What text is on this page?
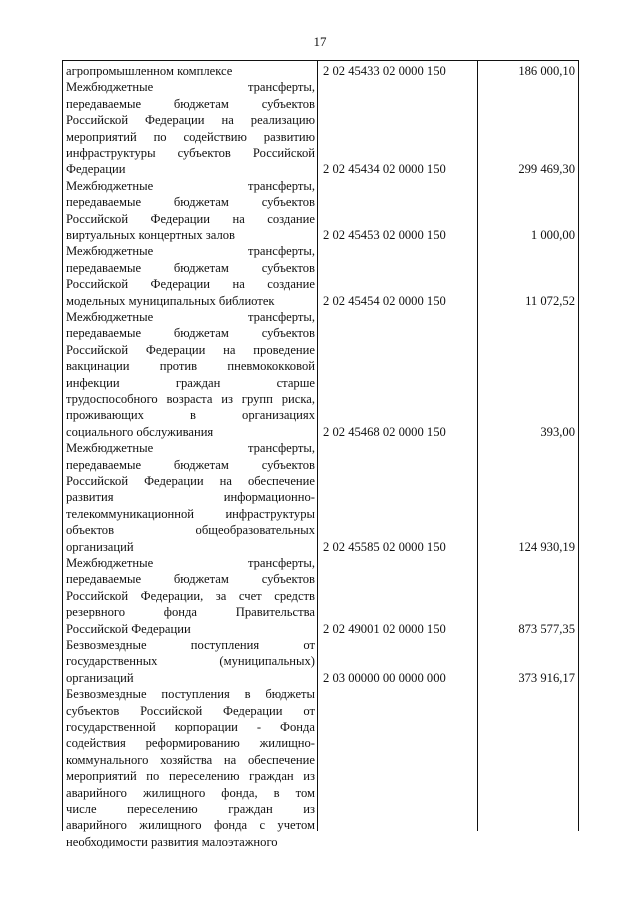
17
агропромышленном комплексе	2 02 45433 02 0000 150	186 000,10
Межбюджетные трансферты,
передаваемые бюджетам субъектов
Российской Федерации на реализацию
мероприятий по содействию развитию
инфраструктуры субъектов Российской
Федерации	2 02 45434 02 0000 150	299 469,30
Межбюджетные трансферты,
передаваемые бюджетам субъектов
Российской Федерации на создание
виртуальных концертных залов	2 02 45453 02 0000 150	1 000,00
Межбюджетные трансферты,
передаваемые бюджетам субъектов
Российской Федерации на создание
модельных муниципальных библиотек	2 02 45454 02 0000 150	11 072,52
Межбюджетные трансферты,
передаваемые бюджетам субъектов
Российской Федерации на проведение
вакцинации против пневмококковой
инфекции граждан старше
трудоспособного возраста из групп риска,
проживающих в организациях
социального обслуживания	2 02 45468 02 0000 150	393,00
Межбюджетные трансферты,
передаваемые бюджетам субъектов
Российской Федерации на обеспечение
развития информационно-
телекоммуникационной инфраструктуры
объектов общеобразовательных
организаций	2 02 45585 02 0000 150	124 930,19
Межбюджетные трансферты,
передаваемые бюджетам субъектов
Российской Федерации, за счет средств
резервного фонда Правительства
Российской Федерации	2 02 49001 02 0000 150	873 577,35
Безвозмездные поступления от
государственных (муниципальных)
организаций	2 03 00000 00 0000 000	373 916,17
Безвозмездные поступления в бюджеты
субъектов Российской Федерации от
государственной корпорации - Фонда
содействия реформированию жилищно-
коммунального хозяйства на обеспечение
мероприятий по переселению граждан из
аварийного жилищного фонда, в том
числе переселению граждан из
аварийного жилищного фонда с учетом
необходимости развития малоэтажного
